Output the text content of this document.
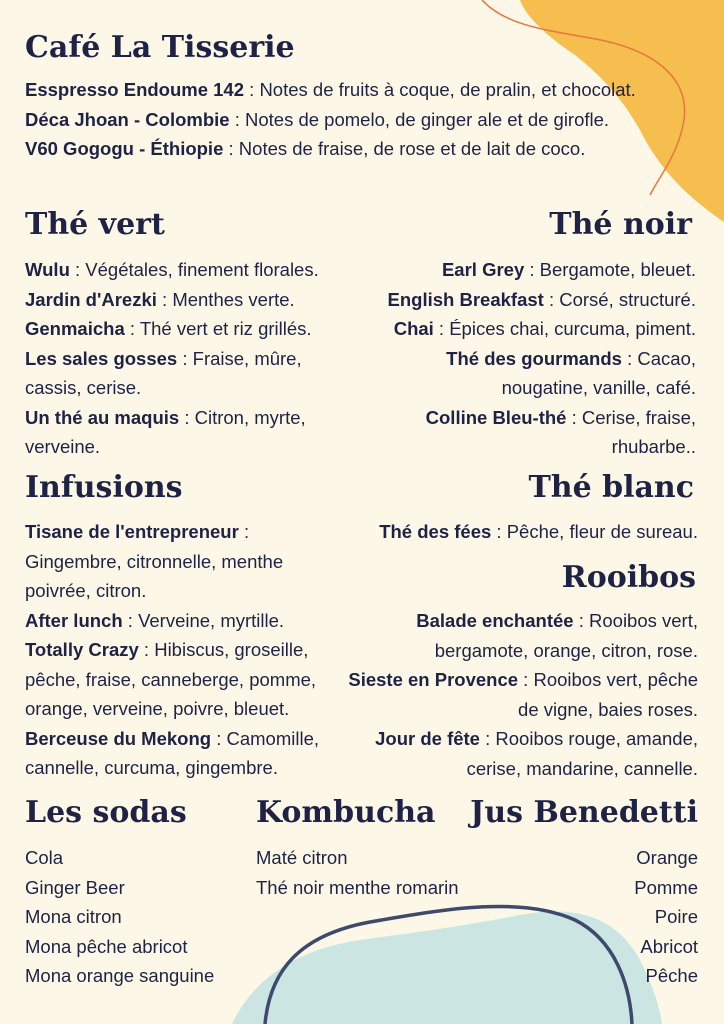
Café La Tisserie

Esspresso Endoume 142 : Notes de fruits à coque, de pralin, et chocolat.

Déca Jhoan - Colombie : Notes de pomelo, de ginger ale et de girofle.

V60 Gogogu - Éthiopie : Notes de fraise, de rose et de lait de coco.

Thé vert

Wulu : Végétales, finement florales.

Jardin d'Arezki : Menthes verte.

Genmaicha : Thé vert et riz grillés.

Les sales gosses : Fraise, mûre, cassis, cerise.

Un thé au maquis : Citron, myrte, verveine.

Thé noir

Earl Grey : Bergamote, bleuet.

English Breakfast : Corsé, structuré.

Chai : Épices chai, curcuma, piment.

Thé des gourmands : Cacao, nougatine, vanille, café.

Colline Bleu-thé : Cerise, fraise, rhubarbe..

Infusions

Tisane de l'entrepreneur : Gingembre, citronnelle, menthe poivrée, citron.

After lunch : Verveine, myrtille.

Totally Crazy : Hibiscus, groseille, pêche, fraise, canneberge, pomme, orange, verveine, poivre, bleuet.

Berceuse du Mekong : Camomille, cannelle, curcuma, gingembre.

Thé blanc

Thé des fées : Pêche, fleur de sureau.

Rooibos

Balade enchantée : Rooibos vert, bergamote, orange, citron, rose.

Sieste en Provence : Rooibos vert, pêche de vigne, baies roses.

Jour de fête : Rooibos rouge, amande, cerise, mandarine, cannelle.

Les sodas
Cola
Ginger Beer
Mona citron
Mona pêche abricot
Mona orange sanguine
Kombucha
Maté citron
Thé noir menthe romarin
Jus Benedetti
Orange
Pomme
Poire
Abricot
Pêche
